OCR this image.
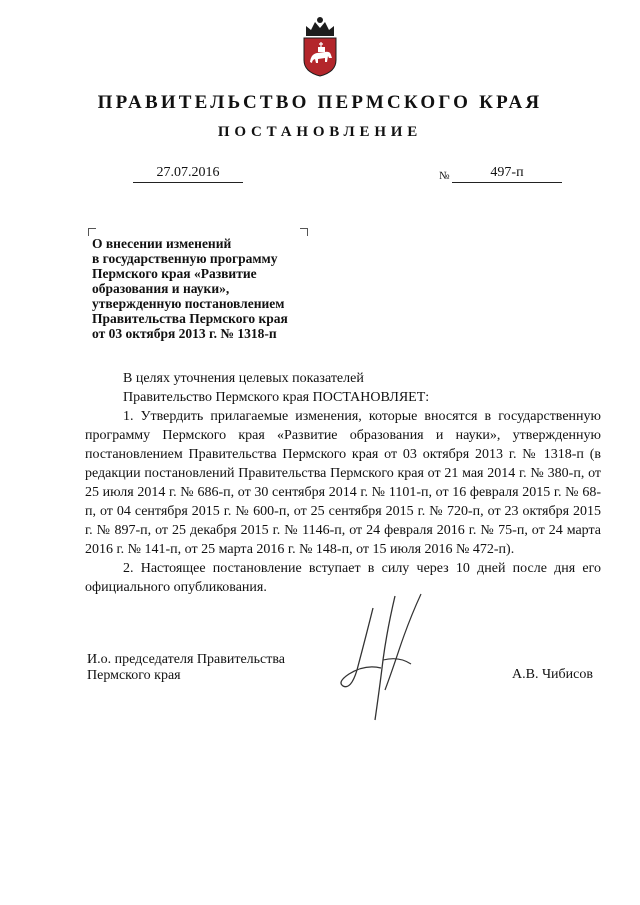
ПРАВИТЕЛЬСТВО ПЕРМСКОГО КРАЯ
ПОСТАНОВЛЕНИЕ
27.07.2016	№	497-п
О внесении изменений
в государственную программу
Пермского края «Развитие
образования и науки»,
утвержденную постановлением
Правительства Пермского края
от 03 октября 2013 г. № 1318-п

В целях уточнения целевых показателей

Правительство Пермского края ПОСТАНОВЛЯЕТ:

1. Утвердить прилагаемые изменения, которые вносятся в государственную программу Пермского края «Развитие образования и науки», утвержденную постановлением Правительства Пермского края от 03 октября 2013 г. № 1318-п (в редакции постановлений Правительства Пермского края от 21 мая 2014 г. № 380-п, от 25 июля 2014 г. № 686-п, от 30 сентября 2014 г. № 1101-п, от 16 февраля 2015 г. № 68-п, от 04 сентября 2015 г. № 600-п, от 25 сентября 2015 г. № 720-п, от 23 октября 2015 г. № 897-п, от 25 декабря 2015 г. № 1146-п, от 24 февраля 2016 г. № 75-п, от 24 марта 2016 г. № 141-п, от 25 марта 2016 г. № 148-п, от 15 июля 2016 № 472-п).

2. Настоящее постановление вступает в силу через 10 дней после дня его официального опубликования.

И.о. председателя Правительства
Пермского края	А.В. Чибисов
